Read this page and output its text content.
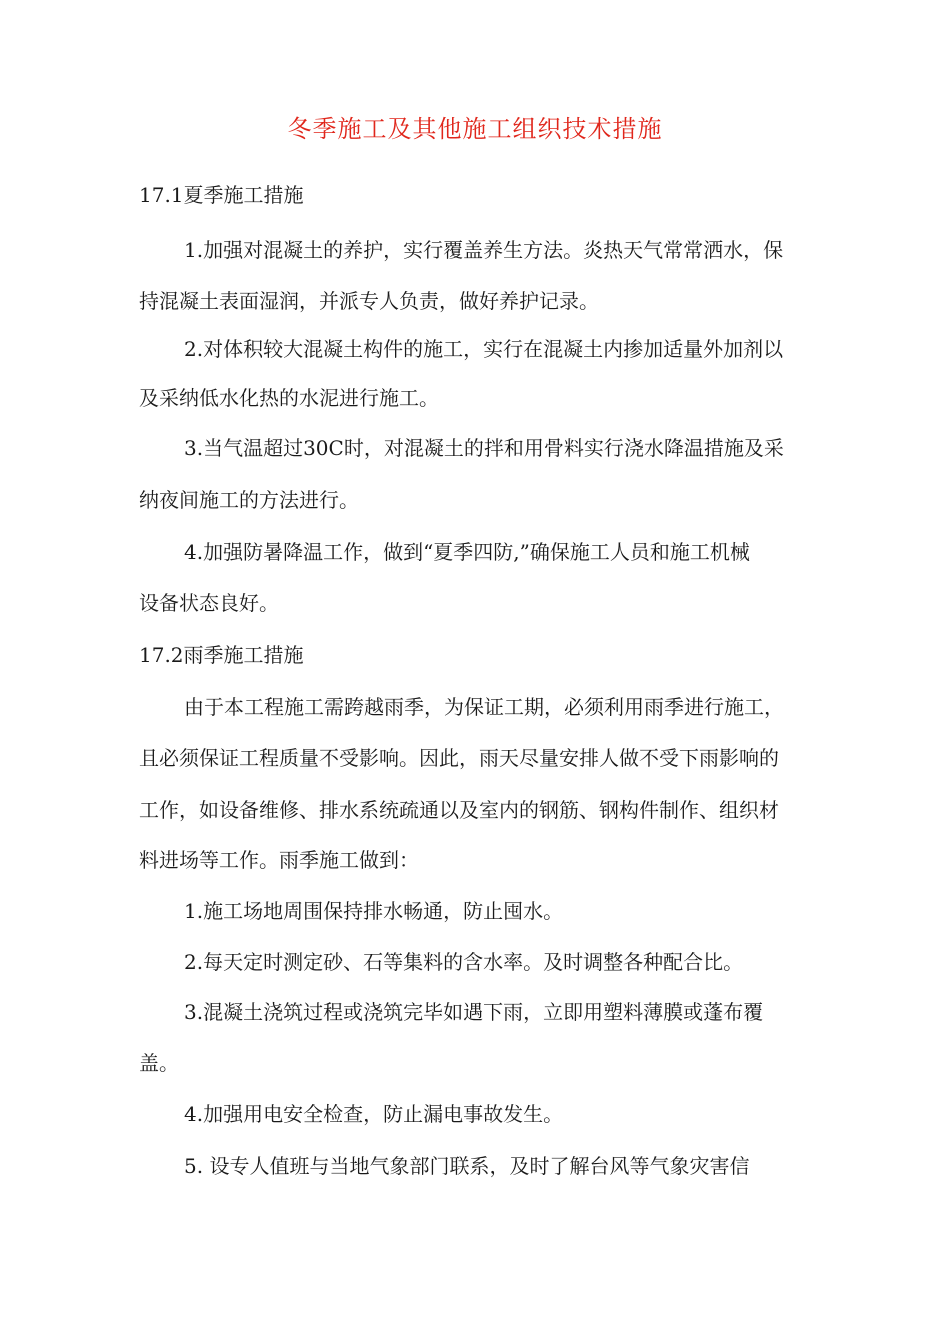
冬季施工及其他施工组织技术措施
17.1夏季施工措施
1.加强对混凝土的养护，实行覆盖养生方法。炎热天气常常洒水，保
持混凝土表面湿润，并派专人负责，做好养护记录。
2.对体积较大混凝土构件的施工，实行在混凝土内掺加适量外加剂以
及采纳低水化热的水泥进行施工。
3.当气温超过30C时，对混凝土的拌和用骨料实行浇水降温措施及采
纳夜间施工的方法进行。
4.加强防暑降温工作，做到“夏季四防,”确保施工人员和施工机械
设备状态良好。
17.2雨季施工措施
由于本工程施工需跨越雨季，为保证工期，必须利用雨季进行施工，
且必须保证工程质量不受影响。因此，雨天尽量安排人做不受下雨影响的
工作，如设备维修、排水系统疏通以及室内的钢筋、钢构件制作、组织材
料进场等工作。雨季施工做到：
1.施工场地周围保持排水畅通，防止囤水。
2.每天定时测定砂、石等集料的含水率。及时调整各种配合比。
3.混凝土浇筑过程或浇筑完毕如遇下雨，立即用塑料薄膜或蓬布覆
盖。
4.加强用电安全检查，防止漏电事故发生。
5. 设专人值班与当地气象部门联系，及时了解台风等气象灾害信
